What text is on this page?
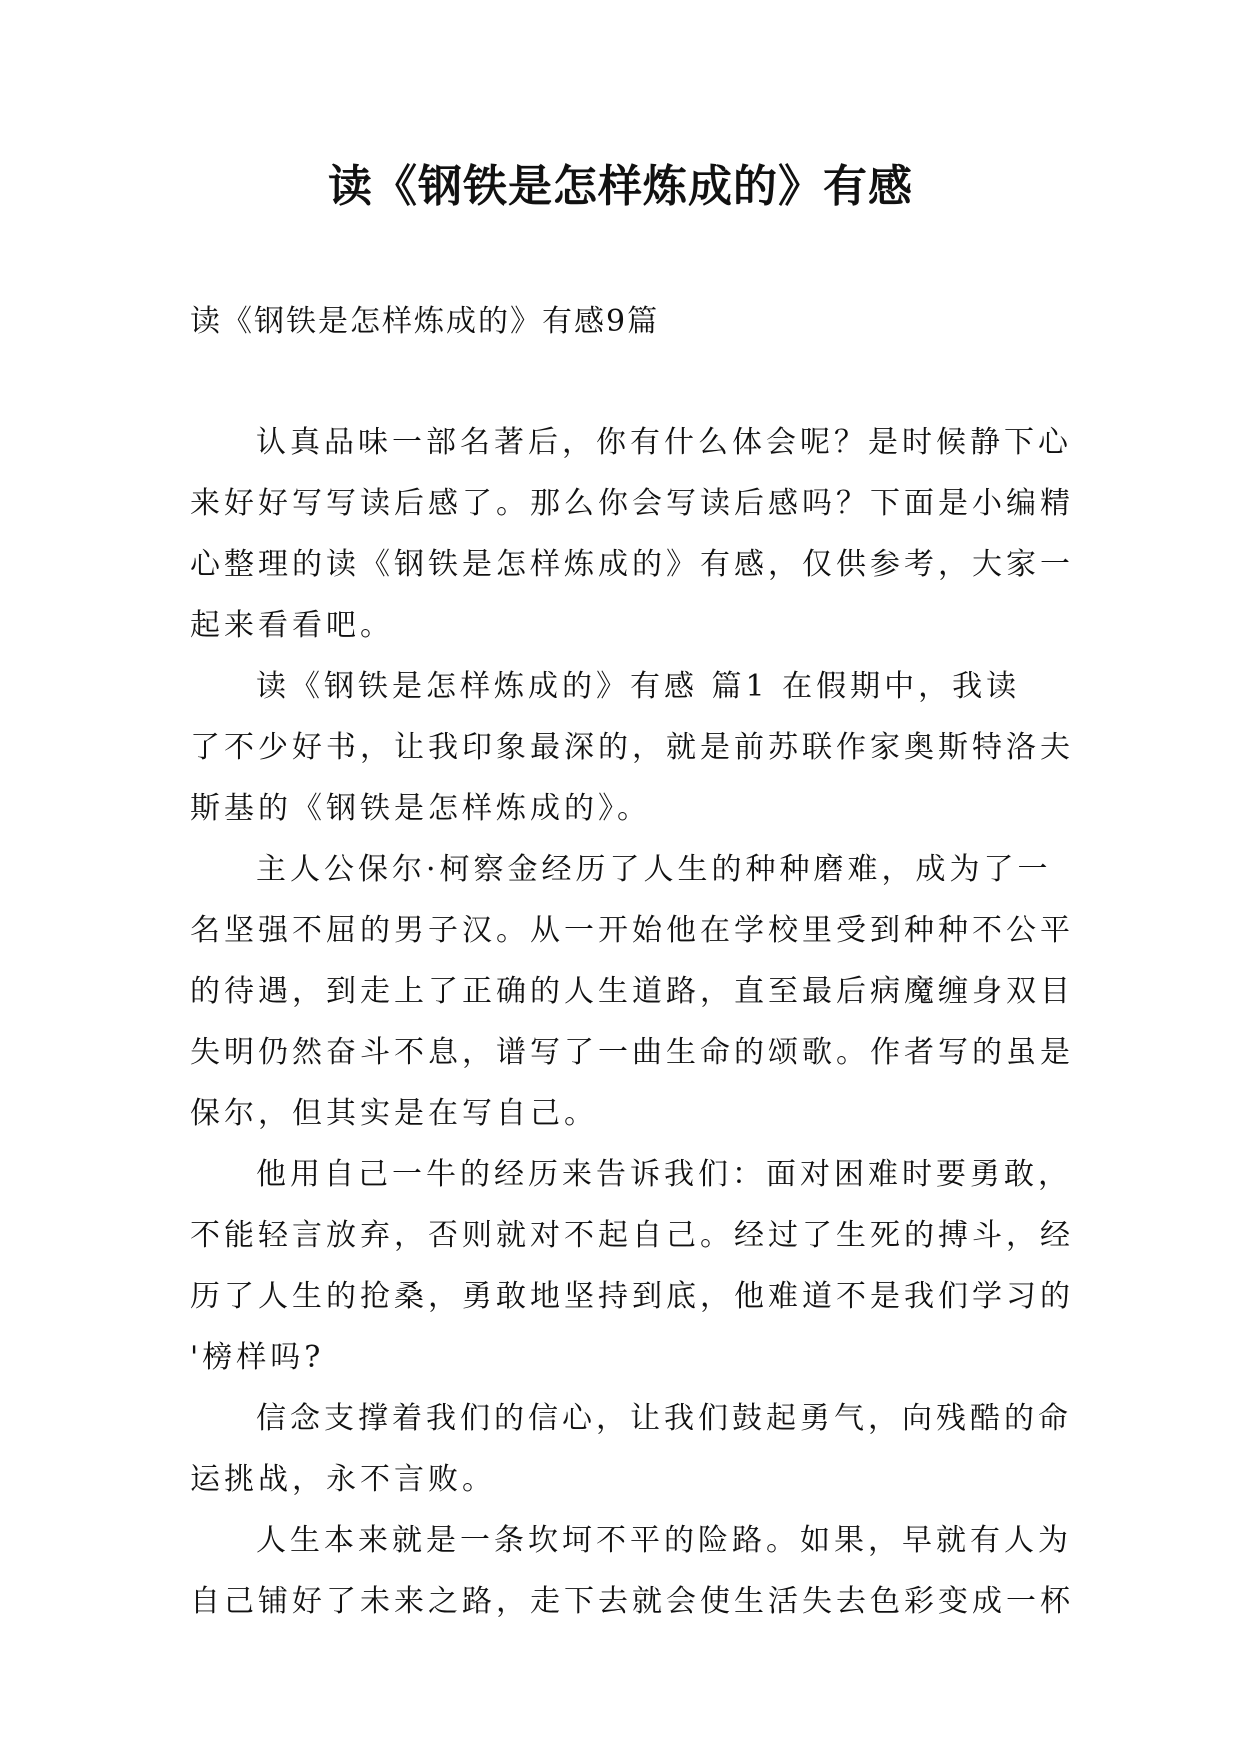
读《钢铁是怎样炼成的》有感
读《钢铁是怎样炼成的》有感9篇
认真品味一部名著后，你有什么体会呢？是时候静下心
来好好写写读后感了。那么你会写读后感吗？下面是小编精
心整理的读《钢铁是怎样炼成的》有感，仅供参考，大家一
起来看看吧。
读《钢铁是怎样炼成的》有感 篇1 在假期中，我读
了不少好书，让我印象最深的，就是前苏联作家奥斯特洛夫
斯基的《钢铁是怎样炼成的》。
主人公保尔·柯察金经历了人生的种种磨难，成为了一
名坚强不屈的男子汉。从一开始他在学校里受到种种不公平
的待遇，到走上了正确的人生道路，直至最后病魔缠身双目
失明仍然奋斗不息，谱写了一曲生命的颂歌。作者写的虽是
保尔，但其实是在写自己。
他用自己一牛的经历来告诉我们：面对困难时要勇敢，
不能轻言放弃，否则就对不起自己。经过了生死的搏斗，经
历了人生的抢桑，勇敢地坚持到底，他难道不是我们学习的
'榜样吗?
信念支撑着我们的信心，让我们鼓起勇气，向残酷的命
运挑战，永不言败。
人生本来就是一条坎坷不平的险路。如果，早就有人为
自己铺好了未来之路，走下去就会使生活失去色彩变成一杯
